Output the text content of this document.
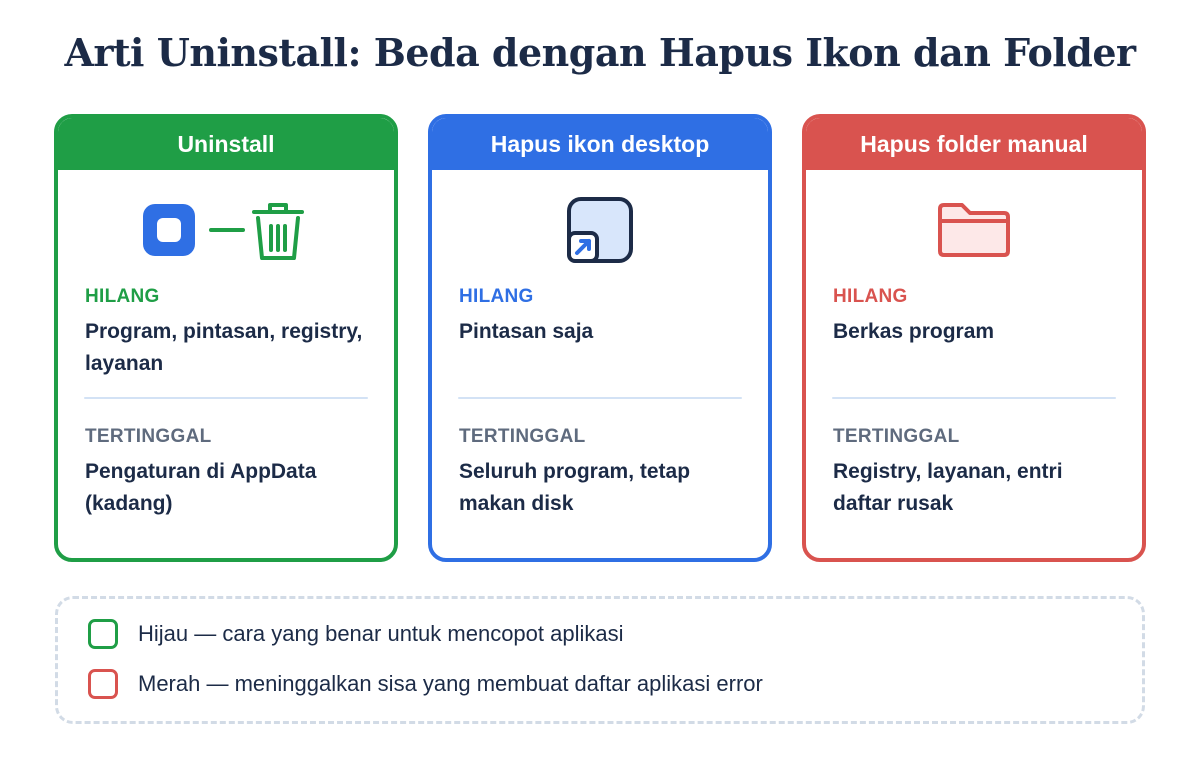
Arti Uninstall: Beda dengan Hapus Ikon dan Folder
Uninstall
HILANG
Program, pintasan, registry, layanan
TERTINGGAL
Pengaturan di AppData (kadang)
Hapus ikon desktop
HILANG
Pintasan saja
TERTINGGAL
Seluruh program, tetap makan disk
Hapus folder manual
HILANG
Berkas program
TERTINGGAL
Registry, layanan, entri daftar rusak
Hijau — cara yang benar untuk mencopot aplikasi
Merah — meninggalkan sisa yang membuat daftar aplikasi error
